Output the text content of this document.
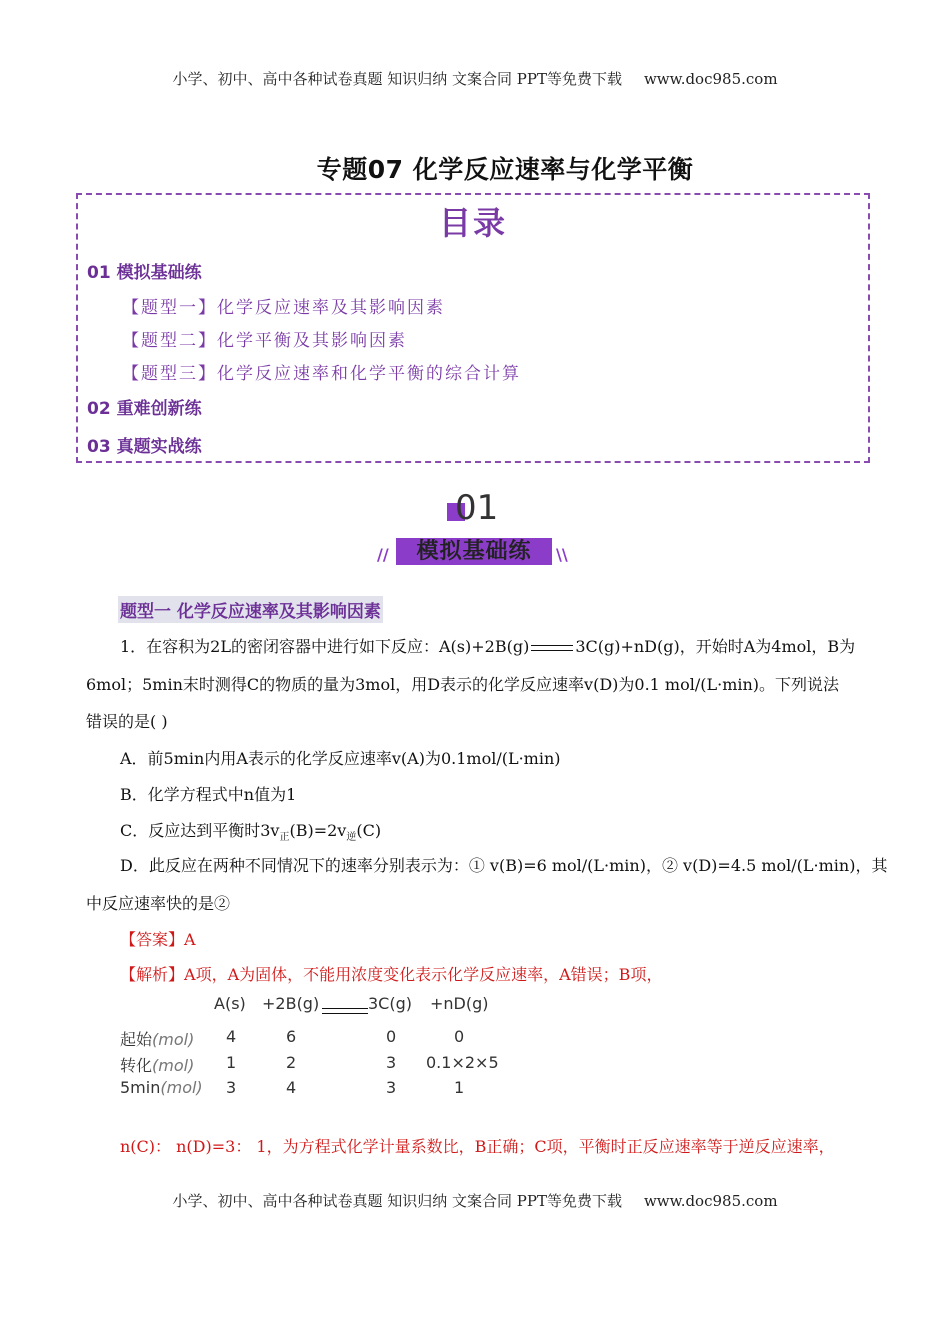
小学、初中、高中各种试卷真题 知识归纳 文案合同 PPT等免费下载 www.doc985.com
专题07 化学反应速率与化学平衡
目录
01 模拟基础练
【题型一】化学反应速率及其影响因素
【题型二】化学平衡及其影响因素
【题型三】化学反应速率和化学平衡的综合计算
02 重难创新练
03 真题实战练
01
模拟基础练
//	\\
题型一 化学反应速率及其影响因素
1．在容积为2L的密闭容器中进行如下反应：A(s)+2B(g)	3C(g)+nD(g)，开始时A为4mol，B为
6mol；5min末时测得C的物质的量为3mol，用D表示的化学反应速率v(D)为0.1 mol/(L·min)。下列说法
错误的是( )
A．前5min内用A表示的化学反应速率v(A)为0.1mol/(L·min)
B．化学方程式中n值为1
C．反应达到平衡时$3v_正(B)=2v_逆(C)$
D．此反应在两种不同情况下的速率分别表示为：① v(B)=6 mol/(L·min)，② v(D)=4.5 mol/(L·min)，其
中反应速率快的是②
【答案】A
【解析】A项，A为固体，不能用浓度变化表示化学反应速率，A错误；B项，
A(s) +2B(g)	3C(g) +nD(g)
起始(mol) 4	6	0	0
转化(mol) 1	2	3 0.1×2×5
5min(mol) 3	4	3	1
n(C)： n(D)=3： 1，为方程式化学计量系数比，B正确；C项，平衡时正反应速率等于逆反应速率，
小学、初中、高中各种试卷真题 知识归纳 文案合同 PPT等免费下载 www.doc985.com
